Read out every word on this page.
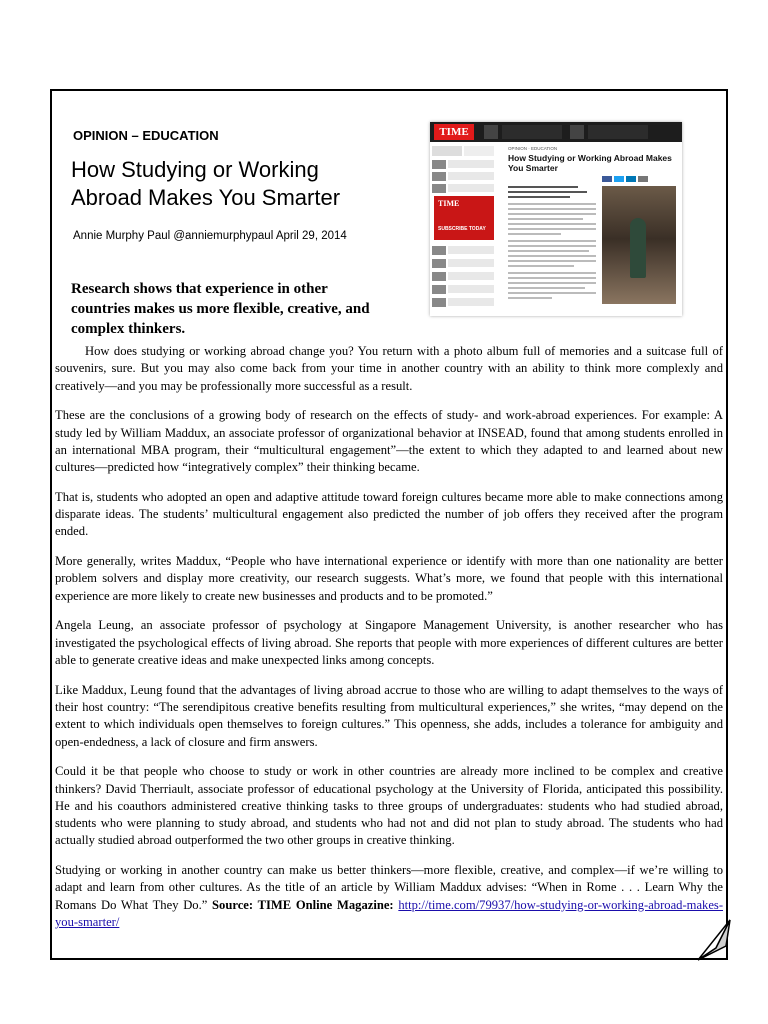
OPINION – EDUCATION
How Studying or Working Abroad Makes You Smarter
Annie Murphy Paul @anniemurphypaul April 29, 2014
Research shows that experience in other countries makes us more flexible, creative, and complex thinkers.
TIME
OPINION · EDUCATION
How Studying or Working Abroad Makes You Smarter
TIME
SUBSCRIBE TODAY

How does studying or working abroad change you? You return with a photo album full of memories and a suitcase full of souvenirs, sure. But you may also come back from your time in another country with an ability to think more complexly and creatively—and you may be professionally more successful as a result.

These are the conclusions of a growing body of research on the effects of study- and work-abroad experiences. For example: A study led by William Maddux, an associate professor of organizational behavior at INSEAD, found that among students enrolled in an international MBA program, their “multicultural engagement”—the extent to which they adapted to and learned about new cultures—predicted how “integratively complex” their thinking became.

That is, students who adopted an open and adaptive attitude toward foreign cultures became more able to make connections among disparate ideas. The students’ multicultural engagement also predicted the number of job offers they received after the program ended.

More generally, writes Maddux, “People who have international experience or identify with more than one nationality are better problem solvers and display more creativity, our research suggests. What’s more, we found that people with this international experience are more likely to create new businesses and products and to be promoted.”

Angela Leung, an associate professor of psychology at Singapore Management University, is another researcher who has investigated the psychological effects of living abroad. She reports that people with more experiences of different cultures are better able to generate creative ideas and make unexpected links among concepts.

Like Maddux, Leung found that the advantages of living abroad accrue to those who are willing to adapt themselves to the ways of their host country: “The serendipitous creative benefits resulting from multicultural experiences,” she writes, “may depend on the extent to which individuals open themselves to foreign cultures.” This openness, she adds, includes a tolerance for ambiguity and open-endedness, a lack of closure and firm answers.

Could it be that people who choose to study or work in other countries are already more inclined to be complex and creative thinkers? David Therriault, associate professor of educational psychology at the University of Florida, anticipated this possibility. He and his coauthors administered creative thinking tasks to three groups of undergraduates: students who had studied abroad, students who were planning to study abroad, and students who had not and did not plan to study abroad. The students who had actually studied abroad outperformed the two other groups in creative thinking.

Studying or working in another country can make us better thinkers—more flexible, creative, and complex—if we’re willing to adapt and learn from other cultures. As the title of an article by William Maddux advises: “When in Rome . . . Learn Why the Romans Do What They Do.” Source: TIME Online Magazine: http://time.com/79937/how-studying-or-working-abroad-makes-you-smarter/
